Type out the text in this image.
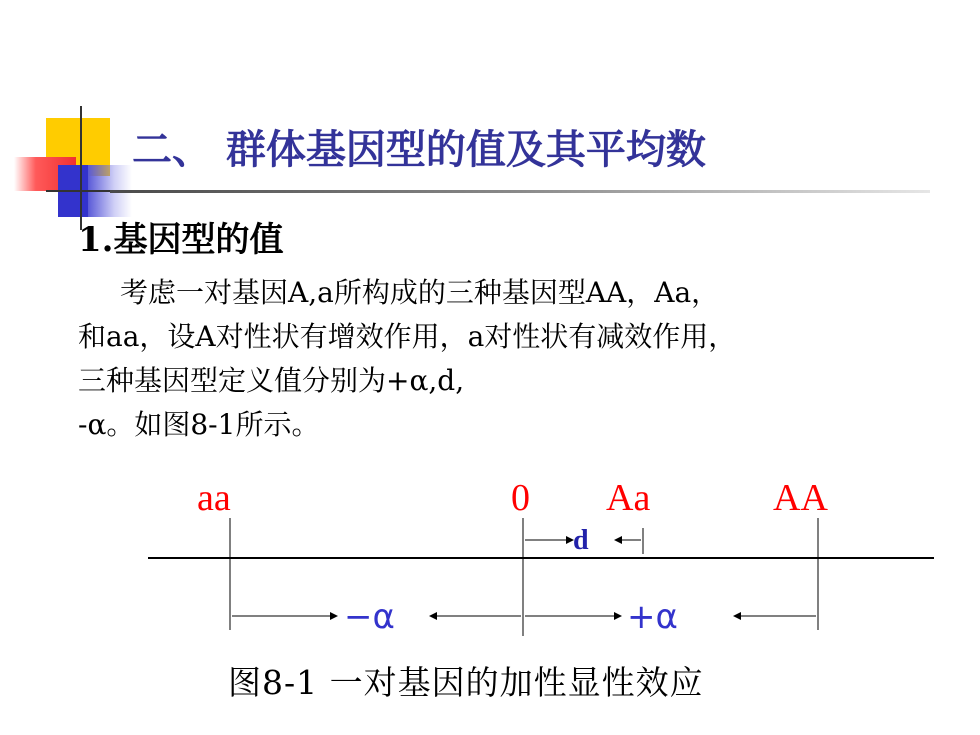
二、 群体基因型的值及其平均数
1.基因型的值

考虑一对基因A,a所构成的三种基因型AA，Aa，

和aa，设A对性状有增效作用，a对性状有减效作用，

三种基因型定义值分别为+α,d,

-α。如图8-1所示。

aa	0 Aa	AA
d
−α	+α

图8-1 一对基因的加性显性效应
